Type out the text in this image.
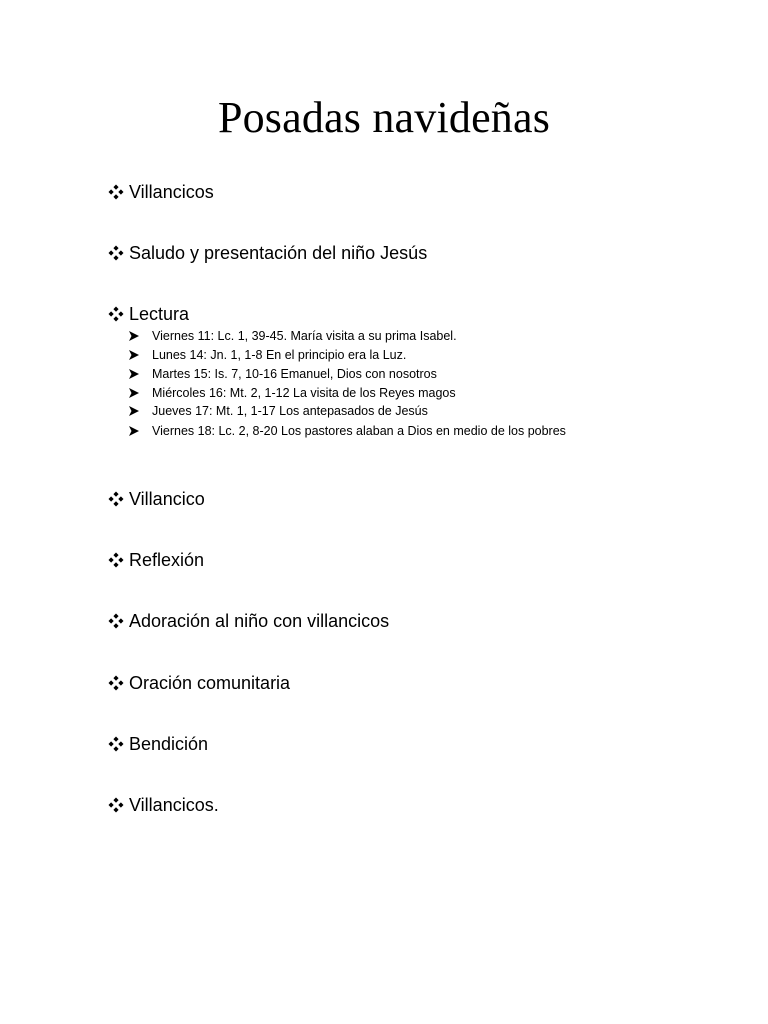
Posadas navideñas
Villancicos
Saludo y presentación del niño Jesús
Lectura
Viernes 11: Lc. 1, 39-45. María visita a su prima Isabel.
Lunes 14: Jn. 1, 1-8 En el principio era la Luz.
Martes 15: Is. 7, 10-16 Emanuel, Dios con nosotros
Miércoles 16: Mt. 2, 1-12 La visita de los Reyes magos
Jueves 17: Mt. 1, 1-17 Los antepasados de Jesús
Viernes 18: Lc. 2, 8-20 Los pastores alaban a Dios en medio de los pobres
Villancico
Reflexión
Adoración al niño con villancicos
Oración comunitaria
Bendición
Villancicos.
